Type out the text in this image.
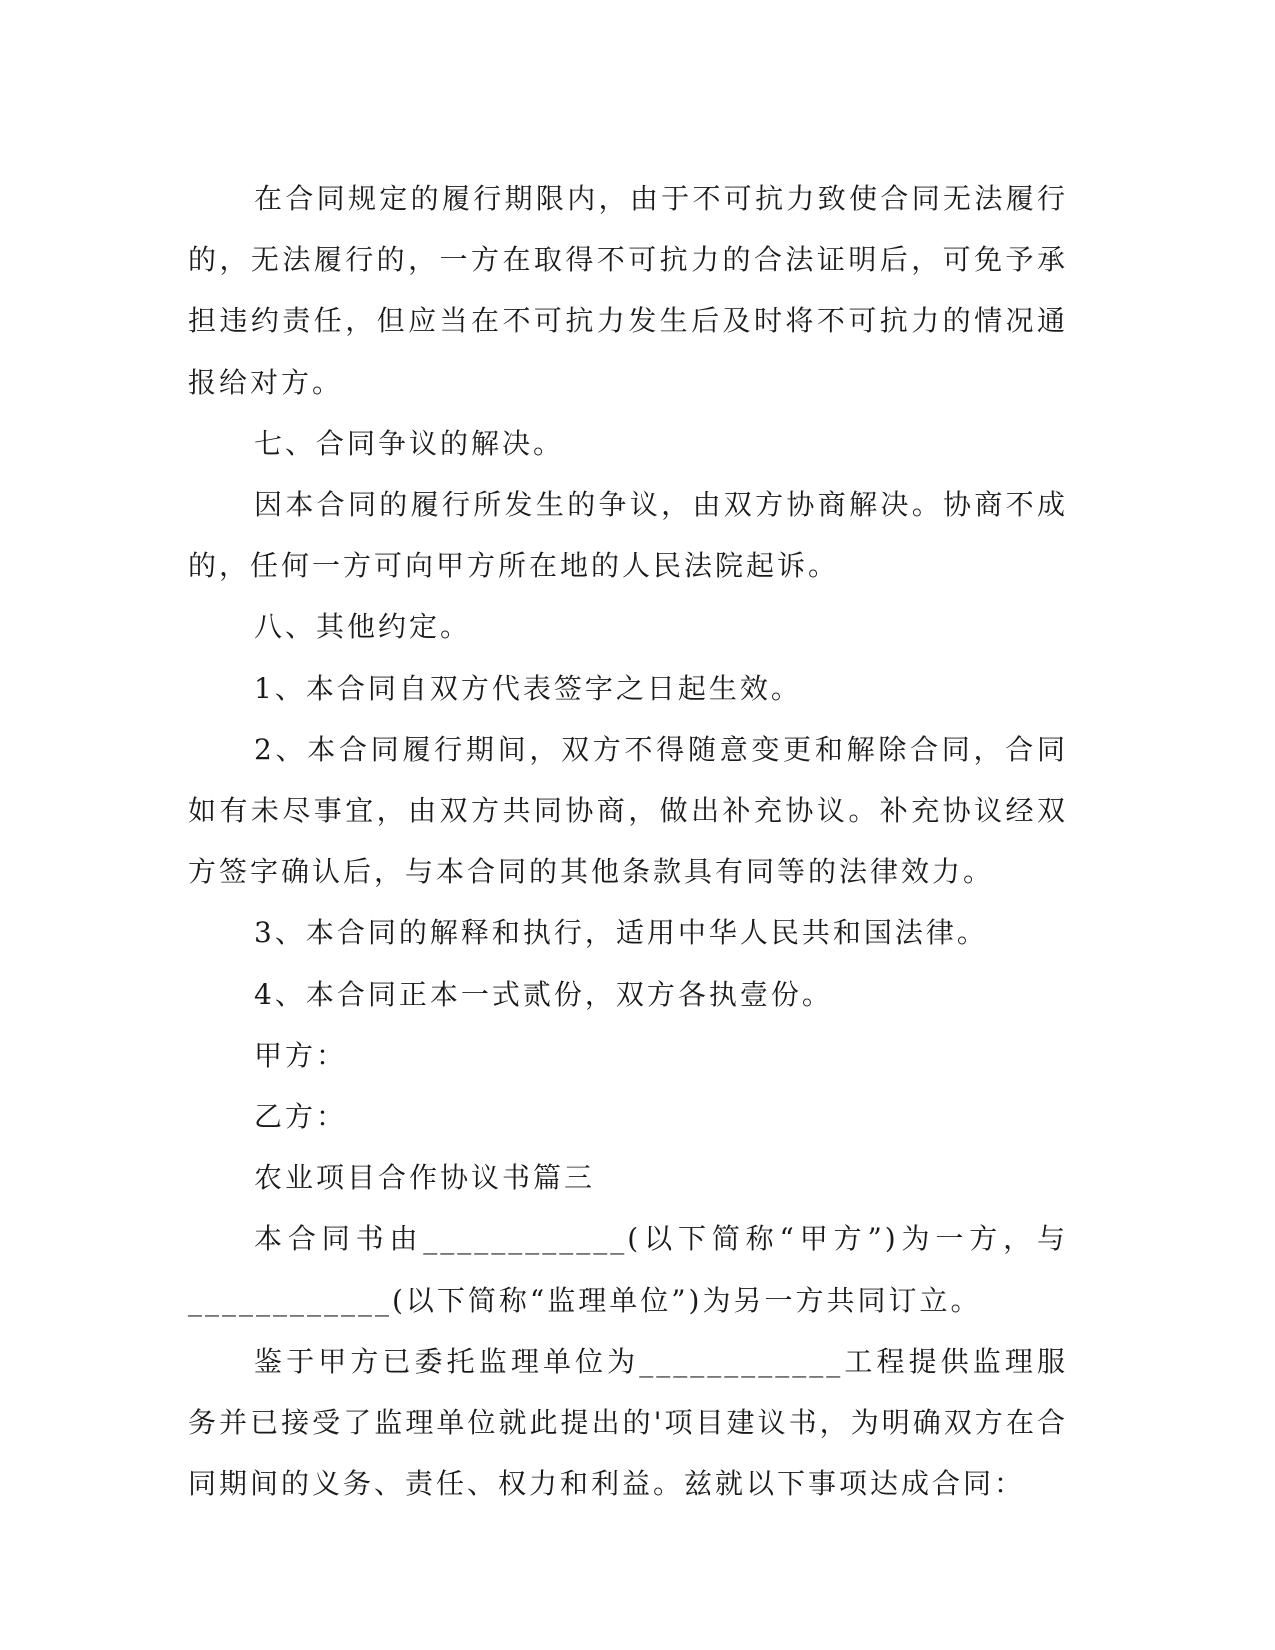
在合同规定的履行期限内，由于不可抗力致使合同无法履行的，无法履行的，一方在取得不可抗力的合法证明后，可免予承担违约责任，但应当在不可抗力发生后及时将不可抗力的情况通报给对方。

七、合同争议的解决。

因本合同的履行所发生的争议，由双方协商解决。协商不成的，任何一方可向甲方所在地的人民法院起诉。

八、其他约定。

1、本合同自双方代表签字之日起生效。

2、本合同履行期间，双方不得随意变更和解除合同，合同如有未尽事宜，由双方共同协商，做出补充协议。补充协议经双方签字确认后，与本合同的其他条款具有同等的法律效力。

3、本合同的解释和执行，适用中华人民共和国法律。

4、本合同正本一式贰份，双方各执壹份。

甲方：

乙方：

农业项目合作协议书篇三

本合同书由____________(以下简称“甲方”)为一方，与____________(以下简称“监理单位”)为另一方共同订立。

鉴于甲方已委托监理单位为____________工程提供监理服务并已接受了监理单位就此提出的'项目建议书，为明确双方在合同期间的义务、责任、权力和利益。兹就以下事项达成合同：
